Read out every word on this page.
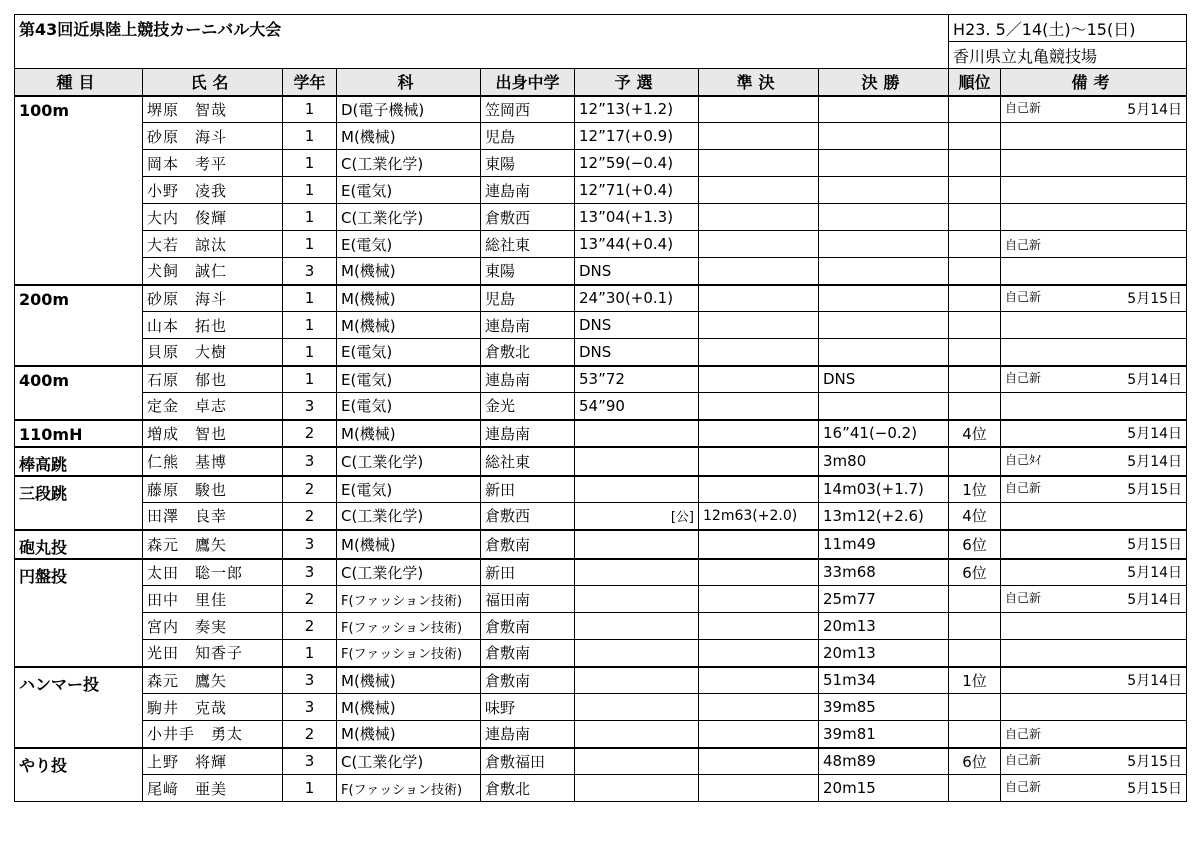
第43回近県陸上競技カーニバル大会								H23. 5／14(土)〜15(日)	
								香川県立丸亀競技場	
種目	氏名	学年	科	出身中学	予選	準決	決勝	順位	備考
100m	堺原　智哉	1	D(電子機械)	笠岡西	12”13(+1.2)				自己新 5月14日

	砂原　海斗	1	M(機械)	児島	12”17(+0.9)				

	岡本　考平	1	C(工業化学)	東陽	12”59(−0.4)				

	小野　凌我	1	E(電気)	連島南	12”71(+0.4)				

	大内　俊輝	1	C(工業化学)	倉敷西	13”04(+1.3)				

	大若　諒汰	1	E(電気)	総社東	13”44(+0.4)				自己新

	犬飼　誠仁	3	M(機械)	東陽	DNS				

200m	砂原　海斗	1	M(機械)	児島	24”30(+0.1)				自己新 5月15日

	山本　拓也	1	M(機械)	連島南	DNS				

	貝原　大樹	1	E(電気)	倉敷北	DNS				

400m	石原　郁也	1	E(電気)	連島南	53”72		DNS		自己新 5月14日

	定金　卓志	3	E(電気)	金光	54”90				

110mH	増成　智也	2	M(機械)	連島南			16”41(−0.2)	4位	5月14日

棒高跳	仁熊　基博	3	C(工業化学)	総社東			3m80		自己ﾀｲ 5月14日

三段跳	藤原　駿也	2	E(電気)	新田			14m03(+1.7)	1位	自己新 5月15日

	田澤　良幸	2	C(工業化学)	倉敷西	[公]	12m63(+2.0)	13m12(+2.6)	4位	

砲丸投	森元　鷹矢	3	M(機械)	倉敷南			11m49	6位	5月15日

円盤投	太田　聡一郎	3	C(工業化学)	新田			33m68	6位	5月14日

	田中　里佳	2	F(ファッション技術)	福田南			25m77		自己新 5月14日

	宮内　奏実	2	F(ファッション技術)	倉敷南			20m13		

	光田　知香子	1	F(ファッション技術)	倉敷南			20m13		

ハンマー投	森元　鷹矢	3	M(機械)	倉敷南			51m34	1位	5月14日

	駒井　克哉	3	M(機械)	味野			39m85		

	小井手　勇太	2	M(機械)	連島南			39m81		自己新

やり投	上野　将輝	3	C(工業化学)	倉敷福田			48m89	6位	自己新 5月15日

	尾﨑　亜美	1	F(ファッション技術)	倉敷北			20m15		自己新 5月15日
